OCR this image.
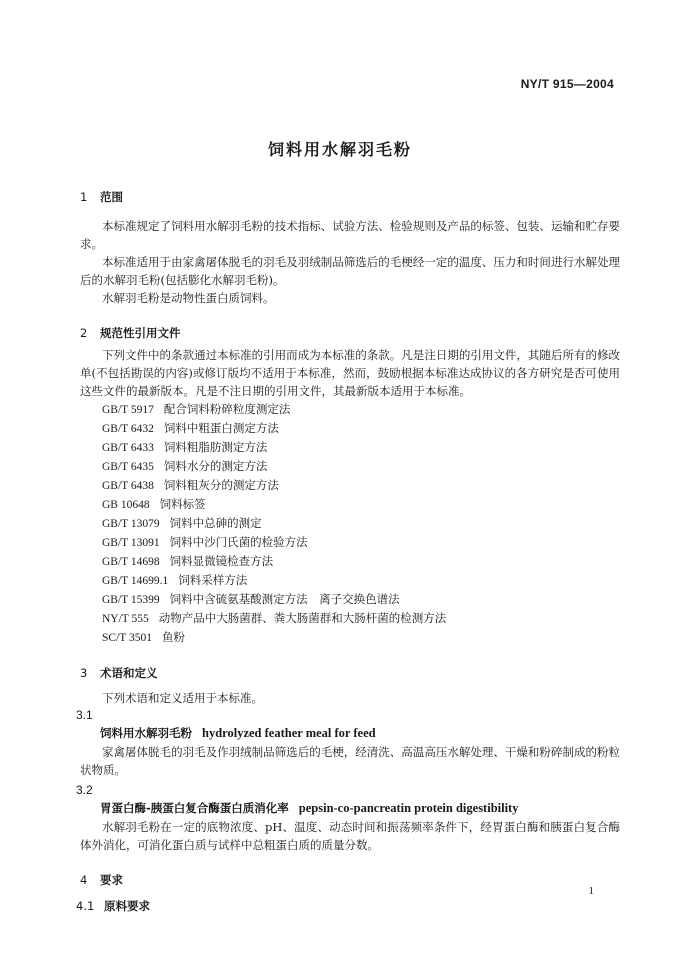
NY/T 915—2004
饲料用水解羽毛粉
1 范围

本标准规定了饲料用水解羽毛粉的技术指标、试验方法、检验规则及产品的标签、包装、运输和贮存要求。

本标准适用于由家禽屠体脱毛的羽毛及羽绒制品筛选后的毛梗经一定的温度、压力和时间进行水解处理后的水解羽毛粉(包括膨化水解羽毛粉)。

水解羽毛粉是动物性蛋白质饲料。

2 规范性引用文件

下列文件中的条款通过本标准的引用而成为本标准的条款。凡是注日期的引用文件，其随后所有的修改单(不包括勘误的内容)或修订版均不适用于本标准，然而，鼓励根据本标准达成协议的各方研究是否可使用这些文件的最新版本。凡是不注日期的引用文件，其最新版本适用于本标准。

GB/T 5917 配合饲料粉碎粒度测定法
GB/T 6432 饲料中粗蛋白测定方法
GB/T 6433 饲料粗脂肪测定方法
GB/T 6435 饲料水分的测定方法
GB/T 6438 饲料粗灰分的测定方法
GB 10648 饲料标签
GB/T 13079 饲料中总砷的测定
GB/T 13091 饲料中沙门氏菌的检验方法
GB/T 14698 饲料显微镜检查方法
GB/T 14699.1 饲料采样方法
GB/T 15399 饲料中含硫氨基酸测定方法　离子交换色谱法
NY/T 555 动物产品中大肠菌群、粪大肠菌群和大肠杆菌的检测方法
SC/T 3501 鱼粉
3 术语和定义

下列术语和定义适用于本标准。

3.1
饲料用水解羽毛粉 hydrolyzed feather meal for feed

家禽屠体脱毛的羽毛及作羽绒制品筛选后的毛梗，经清洗、高温高压水解处理、干燥和粉碎制成的粉粒状物质。

3.2
胃蛋白酶-胰蛋白复合酶蛋白质消化率 pepsin-co-pancreatin protein digestibility

水解羽毛粉在一定的底物浓度、pH、温度、动态时间和振荡频率条件下，经胃蛋白酶和胰蛋白复合酶体外消化，可消化蛋白质与试样中总粗蛋白质的质量分数。

4 要求
4.1 原料要求
1
